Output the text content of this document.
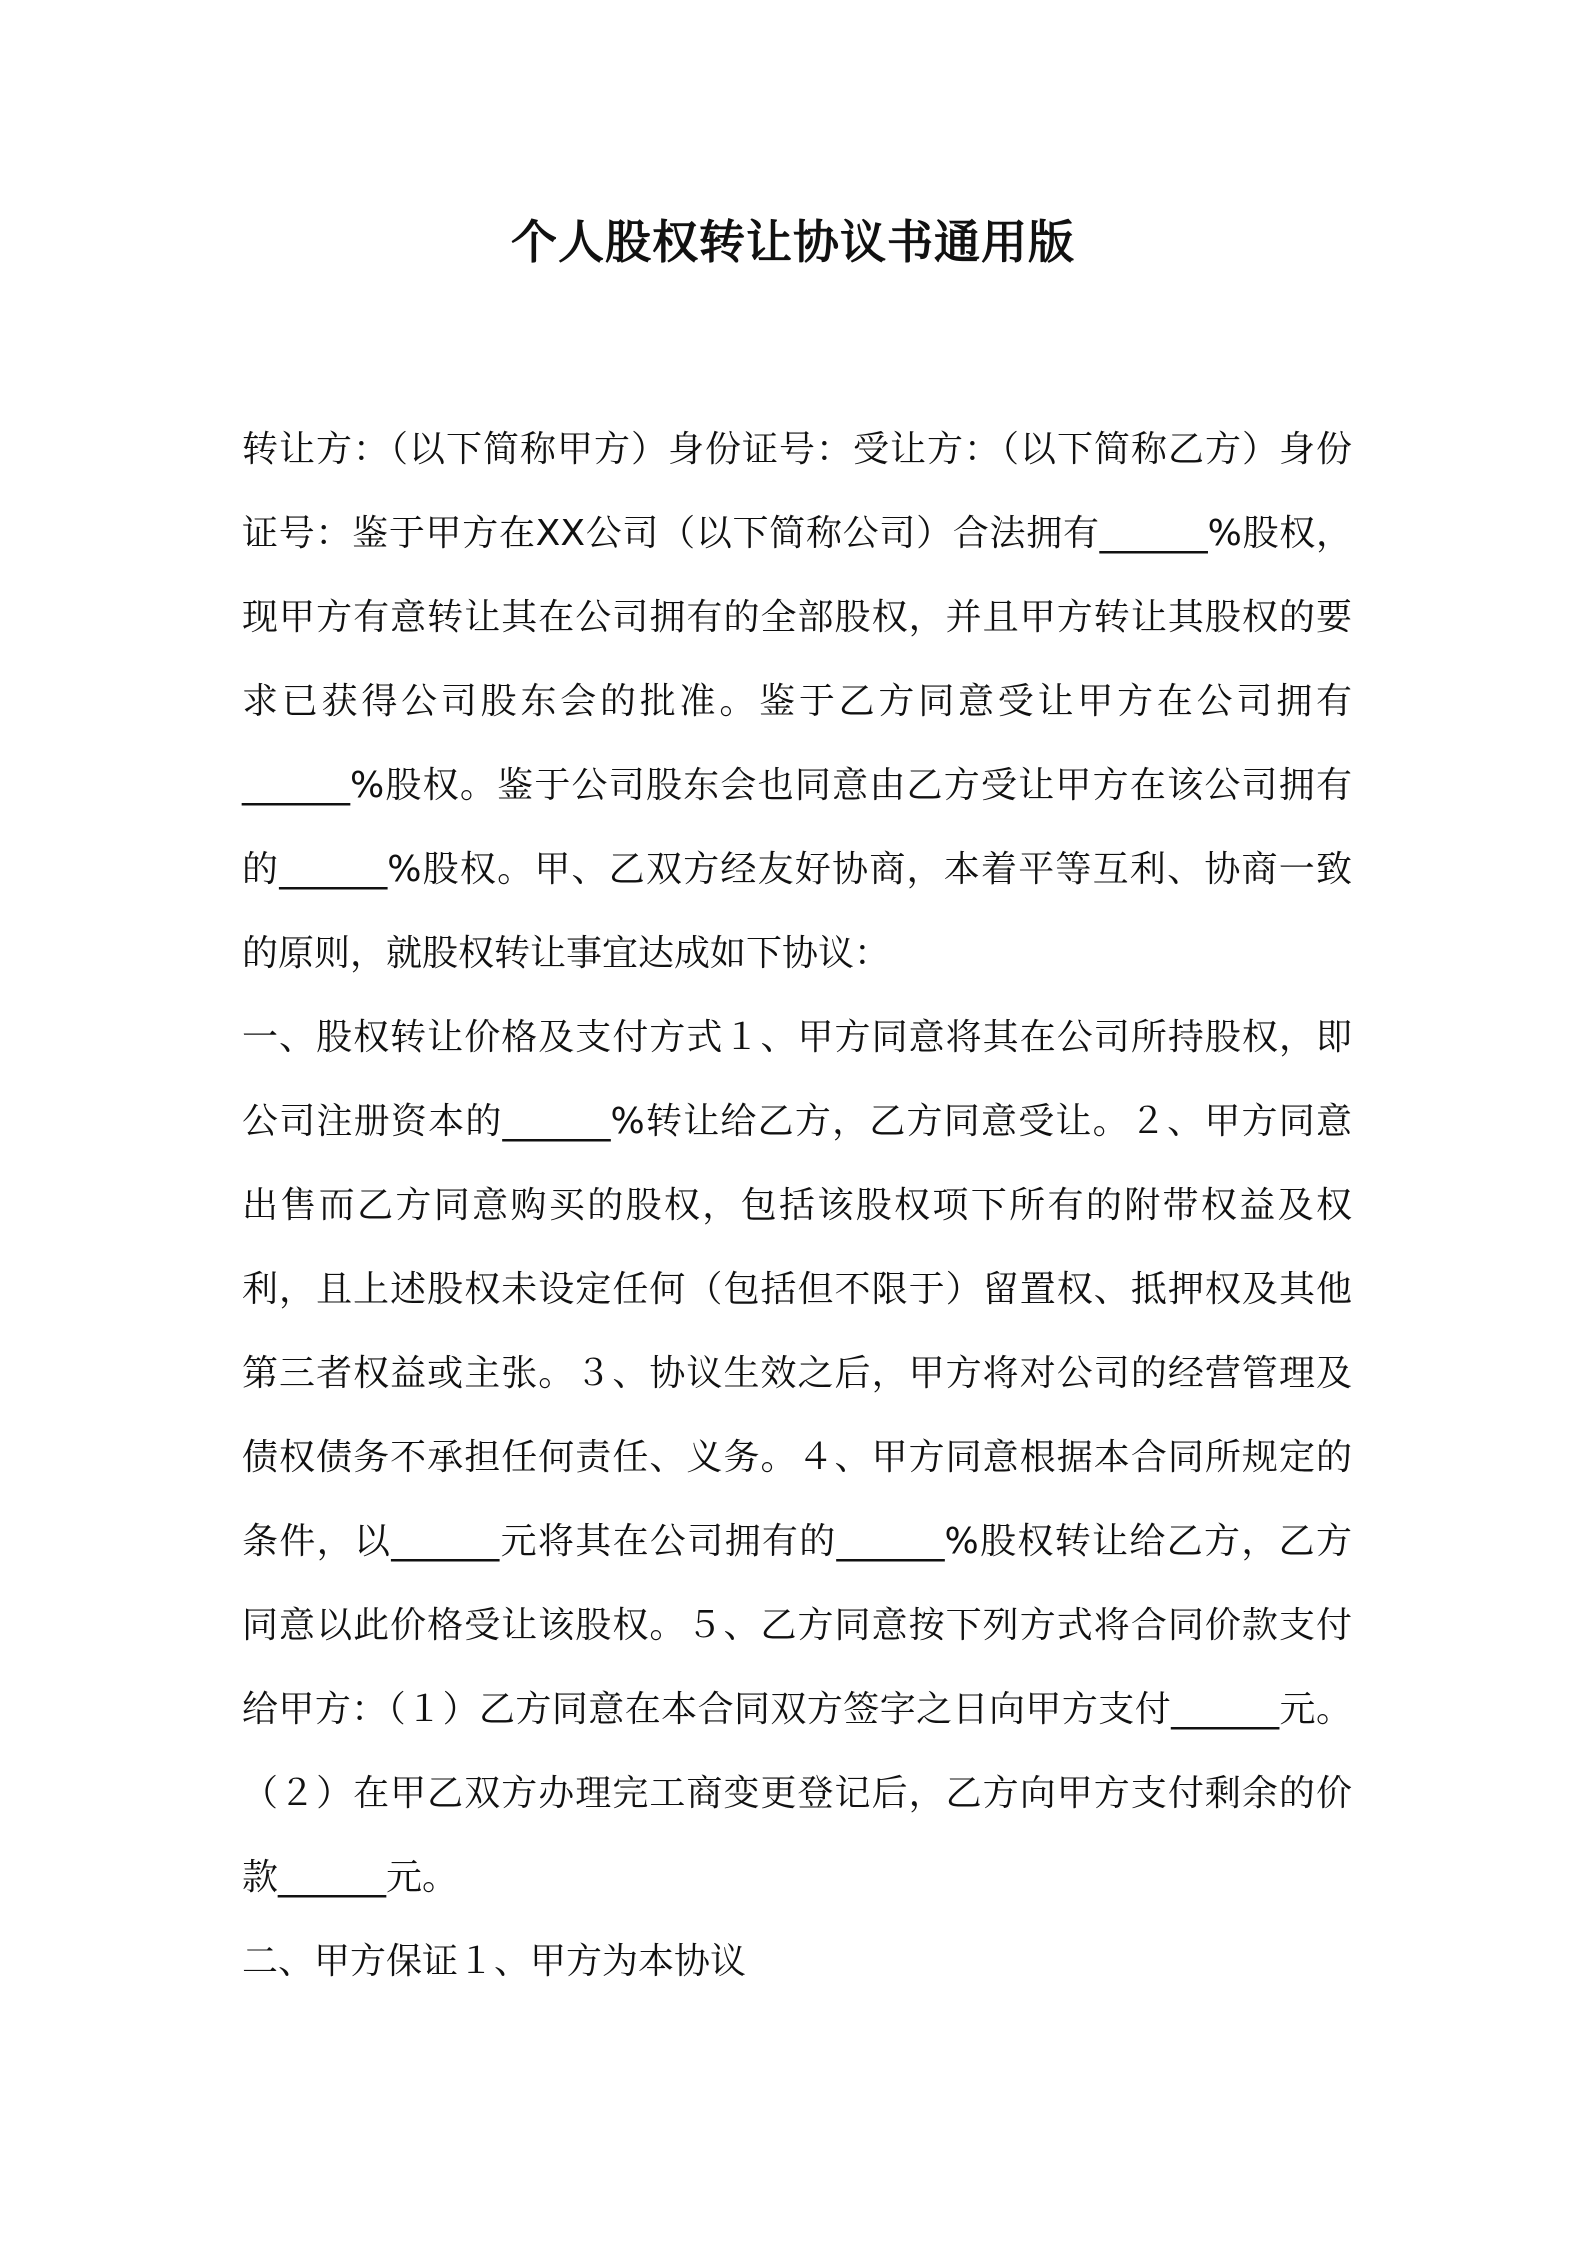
个人股权转让协议书通用版

转让方：（以下简称甲方）身份证号：受让方：（以下简称乙方）身份证号：鉴于甲方在XX公司（以下简称公司）合法拥有______%股权，现甲方有意转让其在公司拥有的全部股权，并且甲方转让其股权的要求已获得公司股东会的批准。鉴于乙方同意受让甲方在公司拥有______%股权。鉴于公司股东会也同意由乙方受让甲方在该公司拥有的______%股权。甲、乙双方经友好协商，本着平等互利、协商一致的原则，就股权转让事宜达成如下协议：

一、股权转让价格及支付方式１、甲方同意将其在公司所持股权，即公司注册资本的______%转让给乙方，乙方同意受让。２、甲方同意出售而乙方同意购买的股权，包括该股权项下所有的附带权益及权利，且上述股权未设定任何（包括但不限于）留置权、抵押权及其他第三者权益或主张。３、协议生效之后，甲方将对公司的经营管理及债权债务不承担任何责任、义务。４、甲方同意根据本合同所规定的条件，以______元将其在公司拥有的______%股权转让给乙方，乙方同意以此价格受让该股权。５、乙方同意按下列方式将合同价款支付给甲方：（１）乙方同意在本合同双方签字之日向甲方支付______元。（２）在甲乙双方办理完工商变更登记后，乙方向甲方支付剩余的价款______元。

二、甲方保证１、甲方为本协议
